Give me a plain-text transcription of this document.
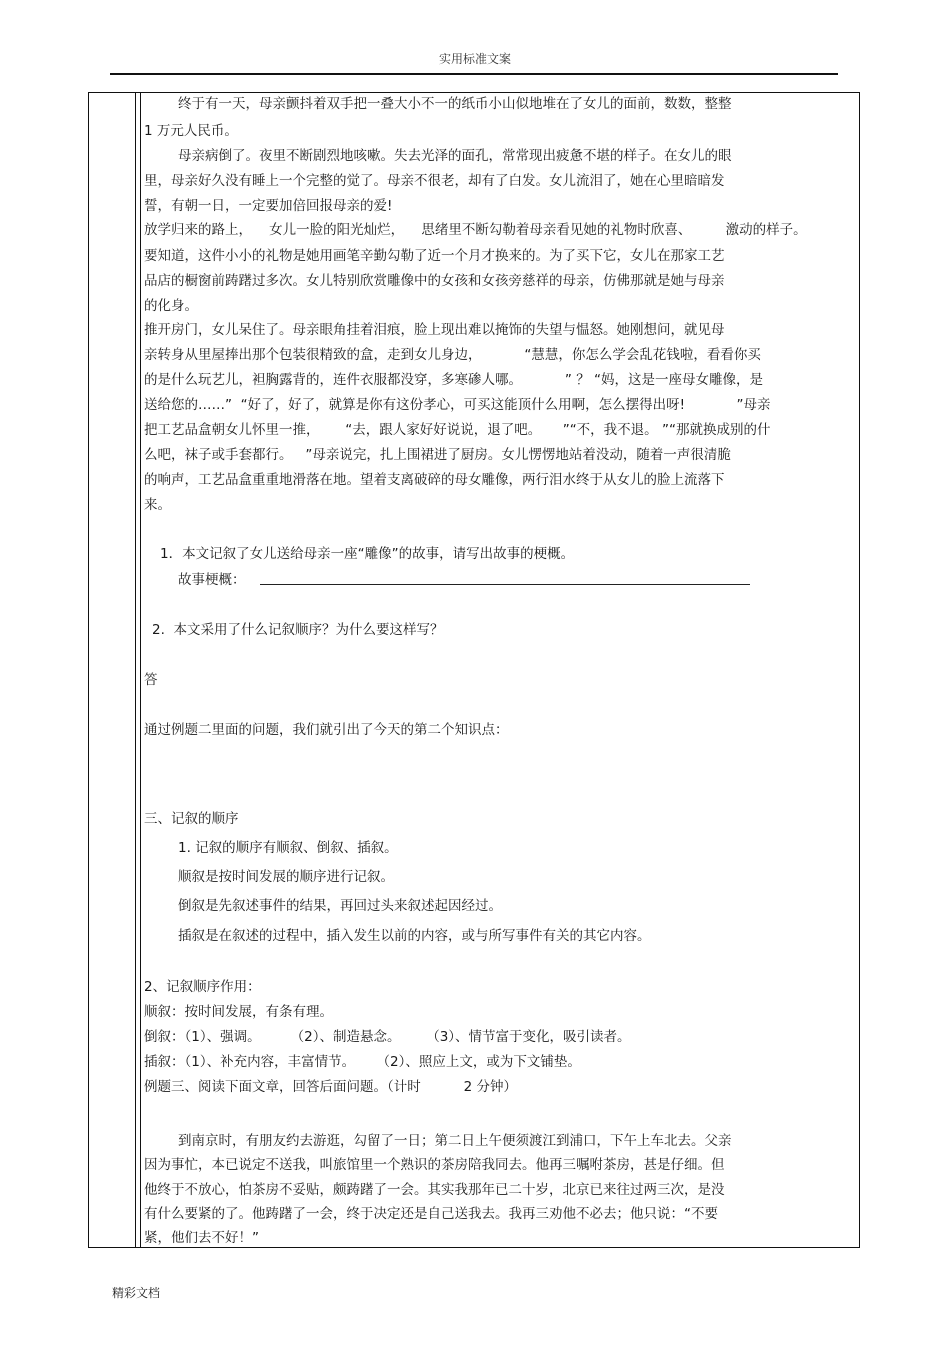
实用标准文案
终于有一天，母亲颤抖着双手把一叠大小不一的纸币小山似地堆在了女儿的面前，数数，整整
1 万元人民币。
母亲病倒了。夜里不断剧烈地咳嗽。失去光泽的面孔，常常现出疲惫不堪的样子。在女儿的眼
里，母亲好久没有睡上一个完整的觉了。母亲不很老，却有了白发。女儿流泪了，她在心里暗暗发
誓，有朝一日，一定要加倍回报母亲的爱!
放学归来的路上，    女儿一脸的阳光灿烂，    思绪里不断勾勒着母亲看见她的礼物时欣喜、        激动的样子。
要知道，这件小小的礼物是她用画笔辛勤勾勒了近一个月才换来的。为了买下它，女儿在那家工艺
品店的橱窗前踌躇过多次。女儿特别欣赏雕像中的女孩和女孩旁慈祥的母亲，仿佛那就是她与母亲
的化身。
推开房门，女儿呆住了。母亲眼角挂着泪痕，脸上现出难以掩饰的失望与愠怒。她刚想问，就见母
亲转身从里屋捧出那个包装很精致的盒，走到女儿身边，          “慧慧，你怎么学会乱花钱啦，看看你买
的是什么玩艺儿，袒胸露背的，连件衣服都没穿，多寒碜人哪。          ” ？ “妈，这是一座母女雕像，是
送给您的……”  “好了，好了，就算是你有这份孝心，可买这能顶什么用啊，怎么摆得出呀!            ”母亲
把工艺品盒朝女儿怀里一推，      “去，跟人家好好说说，退了吧。     ”“不，我不退。 ”“那就换成别的什
么吧，袜子或手套都行。   ”母亲说完，扎上围裙进了厨房。女儿愣愣地站着没动，随着一声很清脆
的响声，工艺品盒重重地滑落在地。望着支离破碎的母女雕像，两行泪水终于从女儿的脸上流落下
来。
1．本文记叙了女儿送给母亲一座“雕像”的故事，请写出故事的梗概。
故事梗概：
2.  本文采用了什么记叙顺序？为什么要这样写？
答
通过例题二里面的问题，我们就引出了今天的第二个知识点：
三、记叙的顺序
1. 记叙的顺序有顺叙、倒叙、插叙。
顺叙是按时间发展的顺序进行记叙。
倒叙是先叙述事件的结果，再回过头来叙述起因经过。
插叙是在叙述的过程中，插入发生以前的内容，或与所写事件有关的其它内容。
2、记叙顺序作用：
顺叙：按时间发展，有条有理。
倒叙：（1）、强调。       （2）、制造悬念。      （3）、情节富于变化，吸引读者。
插叙：（1）、补充内容，丰富情节。     （2）、照应上文，或为下文铺垫。
例题三、阅读下面文章，回答后面问题。（计时          2 分钟）
到南京时，有朋友约去游逛，勾留了一日；第二日上午便须渡江到浦口，下午上车北去。父亲
因为事忙，本已说定不送我，叫旅馆里一个熟识的茶房陪我同去。他再三嘱咐茶房，甚是仔细。但
他终于不放心，怕茶房不妥贴，颇踌躇了一会。其实我那年已二十岁，北京已来往过两三次，是没
有什么要紧的了。他踌躇了一会，终于决定还是自己送我去。我再三劝他不必去；他只说：“不要
紧，他们去不好！”
精彩文档
